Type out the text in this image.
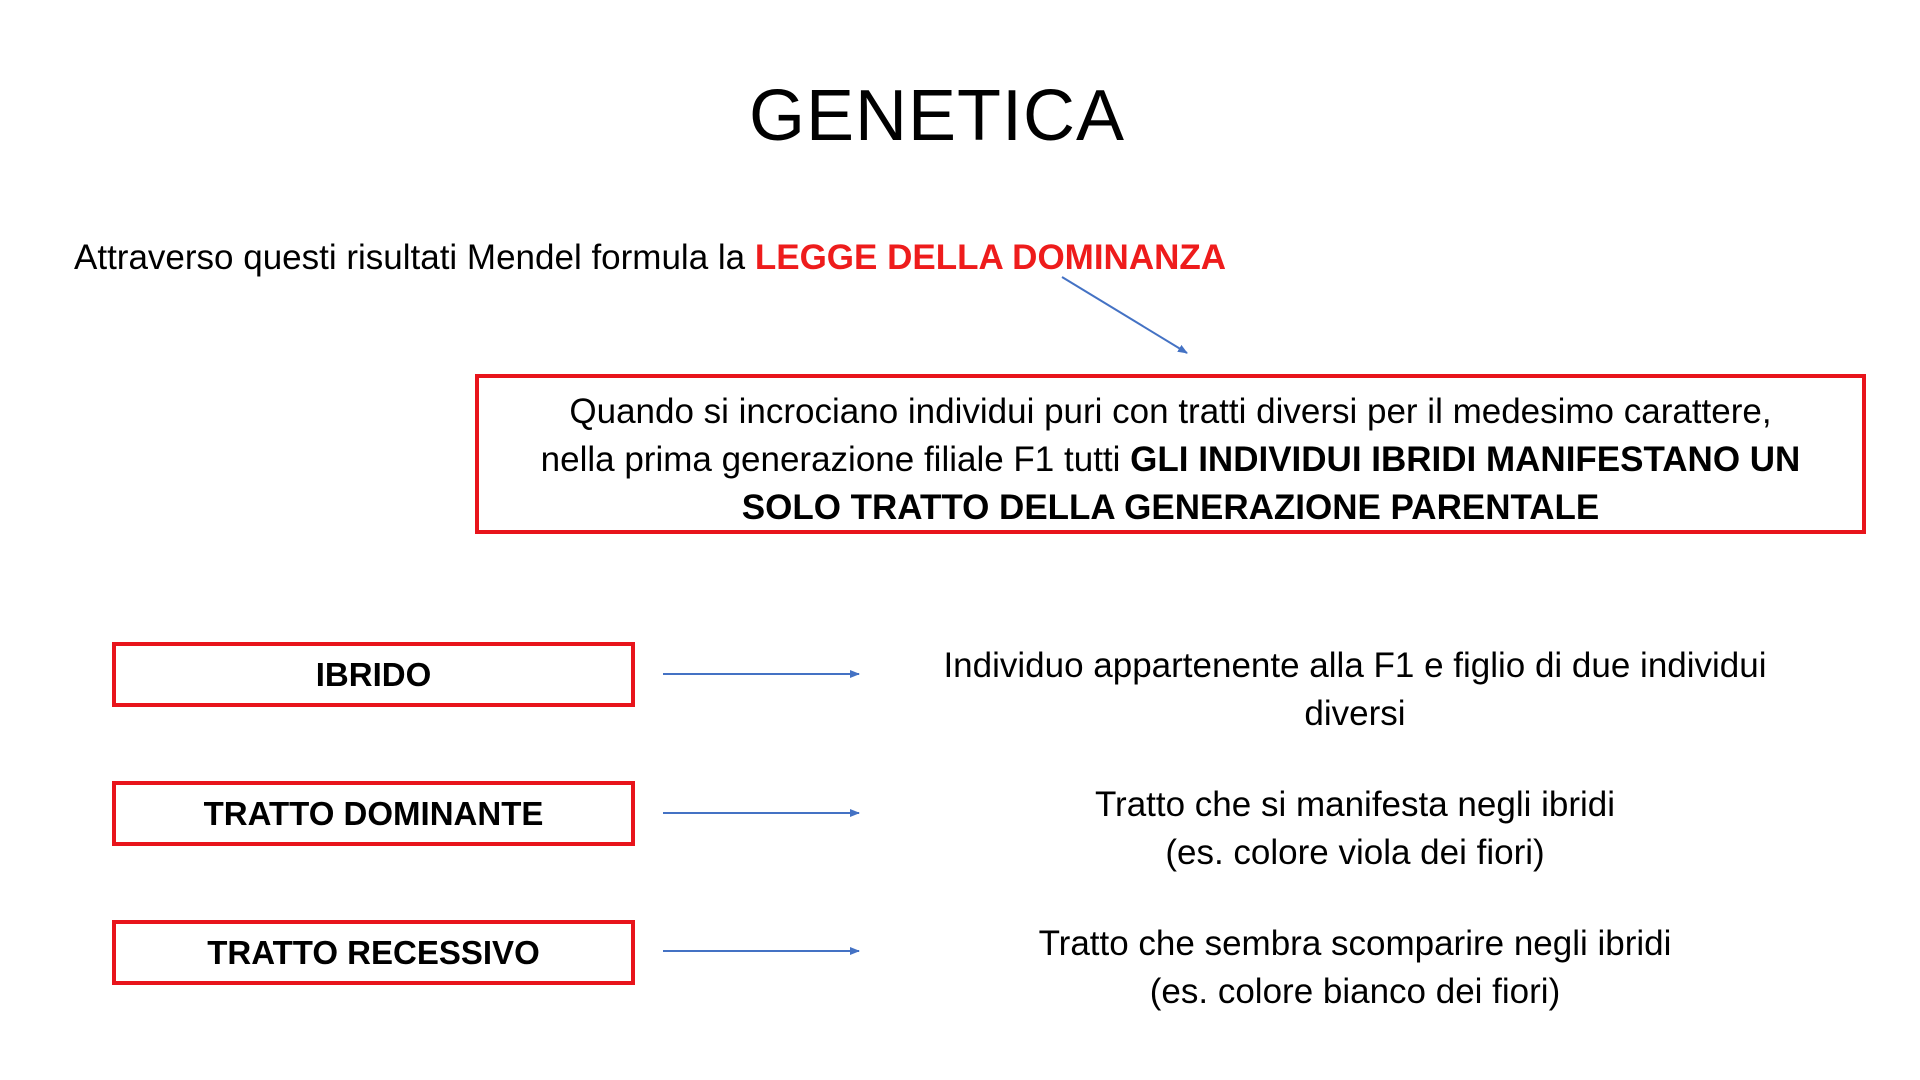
GENETICA
Attraverso questi risultati Mendel formula la LEGGE DELLA DOMINANZA
Quando si incrociano individui puri con tratti diversi per il medesimo carattere,
nella prima generazione filiale F1 tutti GLI INDIVIDUI IBRIDI MANIFESTANO UN
SOLO TRATTO DELLA GENERAZIONE PARENTALE
IBRIDO	Individuo appartenente alla F1 e figlio di due individui
diversi
TRATTO DOMINANTE	Tratto che si manifesta negli ibridi
(es. colore viola dei fiori)
TRATTO RECESSIVO	Tratto che sembra scomparire negli ibridi
(es. colore bianco dei fiori)
